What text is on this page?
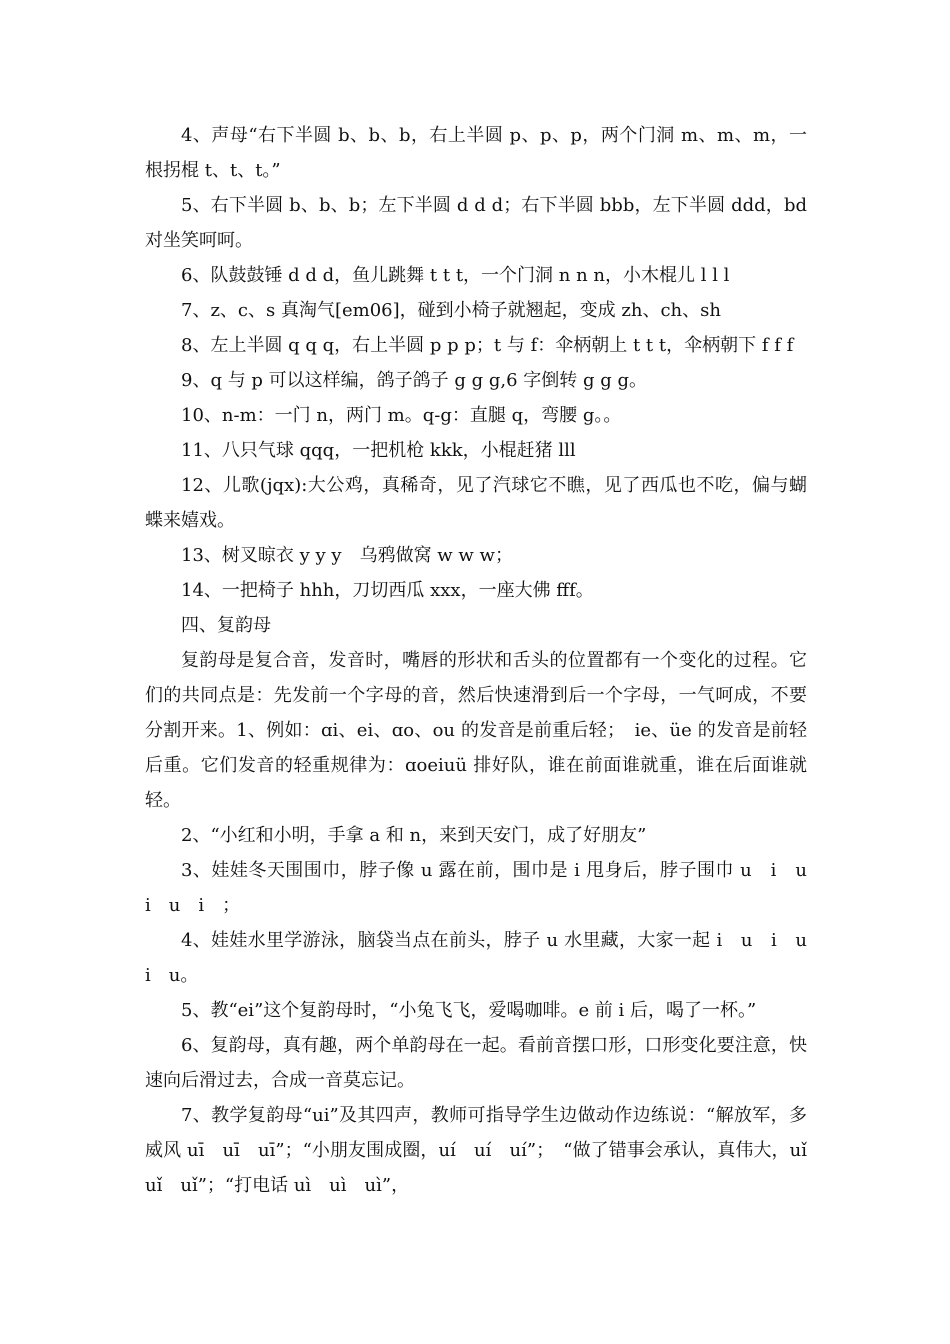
4、声母“右下半圆 b、b、b，右上半圆 p、p、p，两个门洞 m、m、m，一根拐棍 t、t、t。”

5、右下半圆 b、b、b；左下半圆 d d d；右下半圆 bbb，左下半圆 ddd，bd 对坐笑呵呵。

6、队鼓鼓锤 d d d，鱼儿跳舞 t t t，一个门洞 n n n，小木棍儿 l l l

7、z、c、s 真淘气[em06]，碰到小椅子就翘起，变成 zh、ch、sh

8、左上半圆 q q q，右上半圆 p p p；t 与 f：伞柄朝上 t t t，伞柄朝下 f f f

9、q 与 p 可以这样编，鸽子鸽子 g g g,6 字倒转 g g g。

10、n-m：一门 n，两门 m。q-g：直腿 q，弯腰 g。。

11、八只气球 qqq，一把机枪 kkk，小棍赶猪 lll

12、儿歌(jqx):大公鸡，真稀奇，见了汽球它不瞧，见了西瓜也不吃，偏与蝴蝶来嬉戏。

13、树叉晾衣 y y y　乌鸦做窝 w w w；

14、一把椅子 hhh，刀切西瓜 xxx，一座大佛 fff。

四、复韵母

复韵母是复合音，发音时，嘴唇的形状和舌头的位置都有一个变化的过程。它们的共同点是：先发前一个字母的音，然后快速滑到后一个字母，一气呵成，不要分割开来。1、例如：ɑi、ei、ɑo、ou 的发音是前重后轻；　ie、üe 的发音是前轻后重。它们发音的轻重规律为：ɑoeiuü 排好队，谁在前面谁就重，谁在后面谁就轻。

2、“小红和小明，手拿 a 和 n，来到天安门，成了好朋友”

3、娃娃冬天围围巾，脖子像 u 露在前，围巾是 i 甩身后，脖子围巾 u　i　u　i　u　i　；

4、娃娃水里学游泳，脑袋当点在前头，脖子 u 水里藏，大家一起 i　u　i　u　i　u。

5、教“ei”这个复韵母时，“小兔飞飞，爱喝咖啡。e 前 i 后，喝了一杯。”

6、复韵母，真有趣，两个单韵母在一起。看前音摆口形，口形变化要注意，快速向后滑过去，合成一音莫忘记。

7、教学复韵母“ui”及其四声，教师可指导学生边做动作边练说：“解放军，多威风 uī　uī　uī”；“小朋友围成圈，uí　uí　uí”；　“做了错事会承认，真伟大，uǐ　uǐ　uǐ”；“打电话 uì　uì　uì”，
